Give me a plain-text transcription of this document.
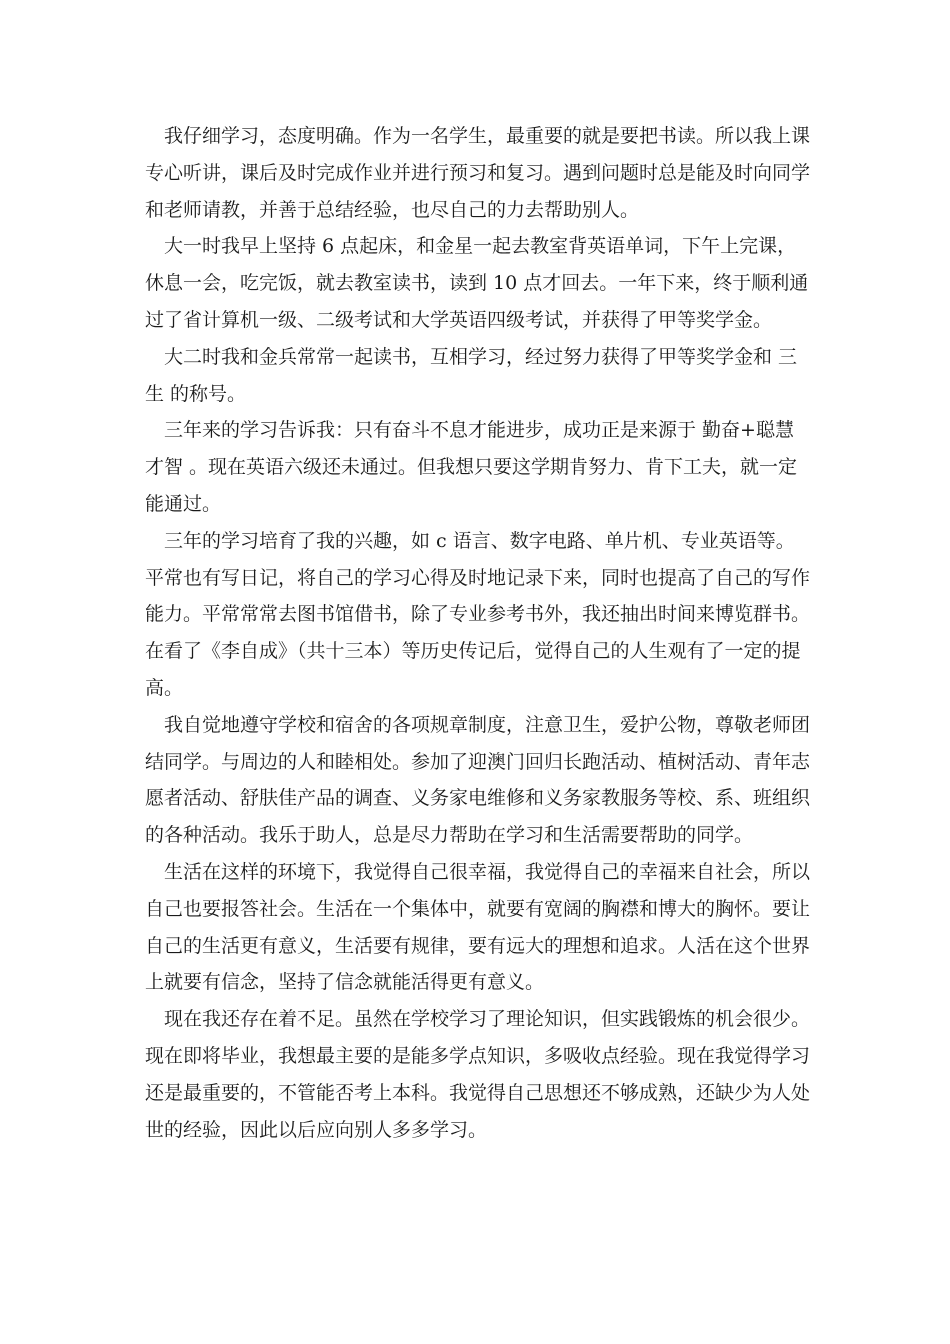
我仔细学习，态度明确。作为一名学生，最重要的就是要把书读。所以我上课专心听讲，课后及时完成作业并进行预习和复习。遇到问题时总是能及时向同学和老师请教，并善于总结经验，也尽自己的力去帮助别人。

大一时我早上坚持 6 点起床，和金星一起去教室背英语单词，下午上完课，休息一会，吃完饭，就去教室读书，读到 10 点才回去。一年下来，终于顺利通过了省计算机一级、二级考试和大学英语四级考试，并获得了甲等奖学金。

大二时我和金兵常常一起读书，互相学习，经过努力获得了甲等奖学金和 三生 的称号。

三年来的学习告诉我：只有奋斗不息才能进步，成功正是来源于 勤奋+聪慧才智 。现在英语六级还未通过。但我想只要这学期肯努力、肯下工夫，就一定能通过。

三年的学习培育了我的兴趣，如 c 语言、数字电路、单片机、专业英语等。平常也有写日记，将自己的学习心得及时地记录下来，同时也提高了自己的写作能力。平常常常去图书馆借书，除了专业参考书外，我还抽出时间来博览群书。在看了《李自成》（共十三本）等历史传记后，觉得自己的人生观有了一定的提高。

我自觉地遵守学校和宿舍的各项规章制度，注意卫生，爱护公物，尊敬老师团结同学。与周边的人和睦相处。参加了迎澳门回归长跑活动、植树活动、青年志愿者活动、舒肤佳产品的调查、义务家电维修和义务家教服务等校、系、班组织的各种活动。我乐于助人，总是尽力帮助在学习和生活需要帮助的同学。

生活在这样的环境下，我觉得自己很幸福，我觉得自己的幸福来自社会，所以自己也要报答社会。生活在一个集体中，就要有宽阔的胸襟和博大的胸怀。要让自己的生活更有意义，生活要有规律，要有远大的理想和追求。人活在这个世界上就要有信念，坚持了信念就能活得更有意义。

现在我还存在着不足。虽然在学校学习了理论知识，但实践锻炼的机会很少。现在即将毕业，我想最主要的是能多学点知识，多吸收点经验。现在我觉得学习还是最重要的，不管能否考上本科。我觉得自己思想还不够成熟，还缺少为人处世的经验，因此以后应向别人多多学习。
